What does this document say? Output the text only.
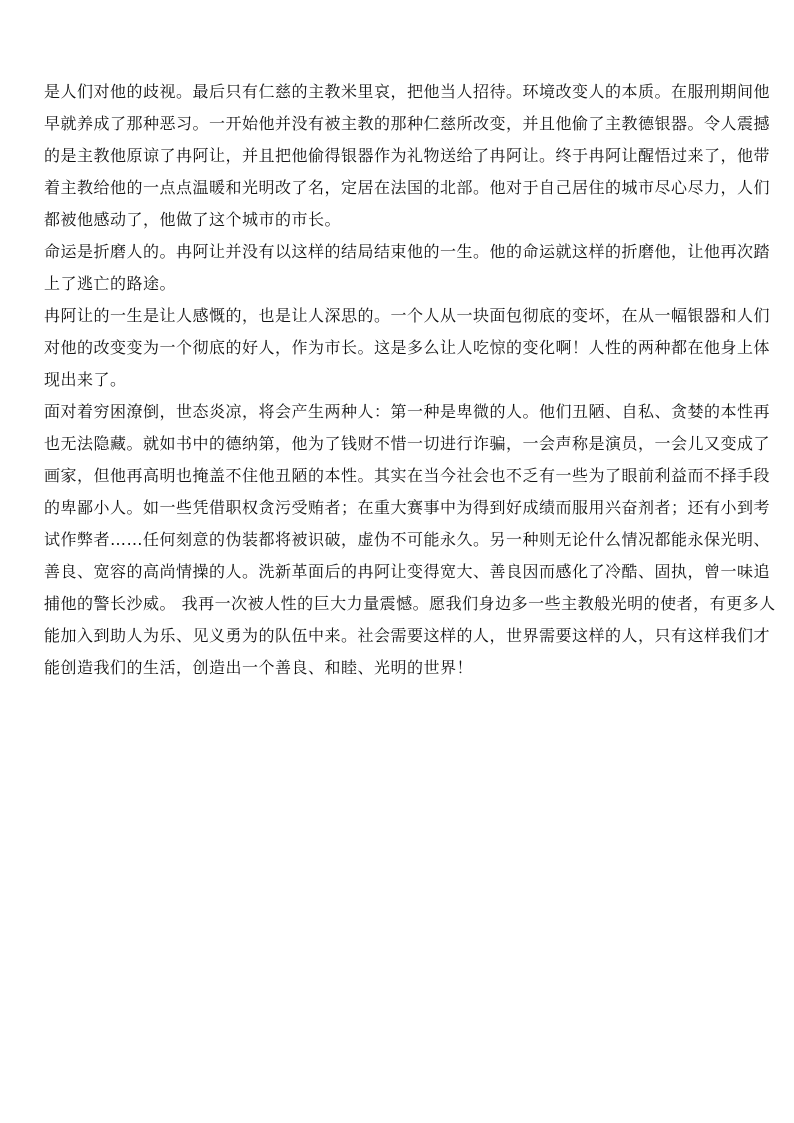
是人们对他的歧视。最后只有仁慈的主教米里哀，把他当人招待。环境改变人的本质。在服刑期间他
早就养成了那种恶习。一开始他并没有被主教的那种仁慈所改变，并且他偷了主教德银器。令人震撼
的是主教他原谅了冉阿让，并且把他偷得银器作为礼物送给了冉阿让。终于冉阿让醒悟过来了，他带
着主教给他的一点点温暖和光明改了名，定居在法国的北部。他对于自己居住的城市尽心尽力，人们
都被他感动了，他做了这个城市的市长。
命运是折磨人的。冉阿让并没有以这样的结局结束他的一生。他的命运就这样的折磨他，让他再次踏
上了逃亡的路途。
冉阿让的一生是让人感慨的，也是让人深思的。一个人从一块面包彻底的变坏，在从一幅银器和人们
对他的改变变为一个彻底的好人，作为市长。这是多么让人吃惊的变化啊！人性的两种都在他身上体
现出来了。
面对着穷困潦倒，世态炎凉，将会产生两种人：第一种是卑微的人。他们丑陋、自私、贪婪的本性再
也无法隐藏。就如书中的德纳第，他为了钱财不惜一切进行诈骗，一会声称是演员，一会儿又变成了
画家，但他再高明也掩盖不住他丑陋的本性。其实在当今社会也不乏有一些为了眼前利益而不择手段
的卑鄙小人。如一些凭借职权贪污受贿者；在重大赛事中为得到好成绩而服用兴奋剂者；还有小到考
试作弊者……任何刻意的伪装都将被识破，虚伪不可能永久。另一种则无论什么情况都能永保光明、
善良、宽容的高尚情操的人。洗新革面后的冉阿让变得宽大、善良因而感化了冷酷、固执，曾一味追
捕他的警长沙威。 我再一次被人性的巨大力量震憾。愿我们身边多一些主教般光明的使者，有更多人
能加入到助人为乐、见义勇为的队伍中来。社会需要这样的人，世界需要这样的人，只有这样我们才
能创造我们的生活，创造出一个善良、和睦、光明的世界！
